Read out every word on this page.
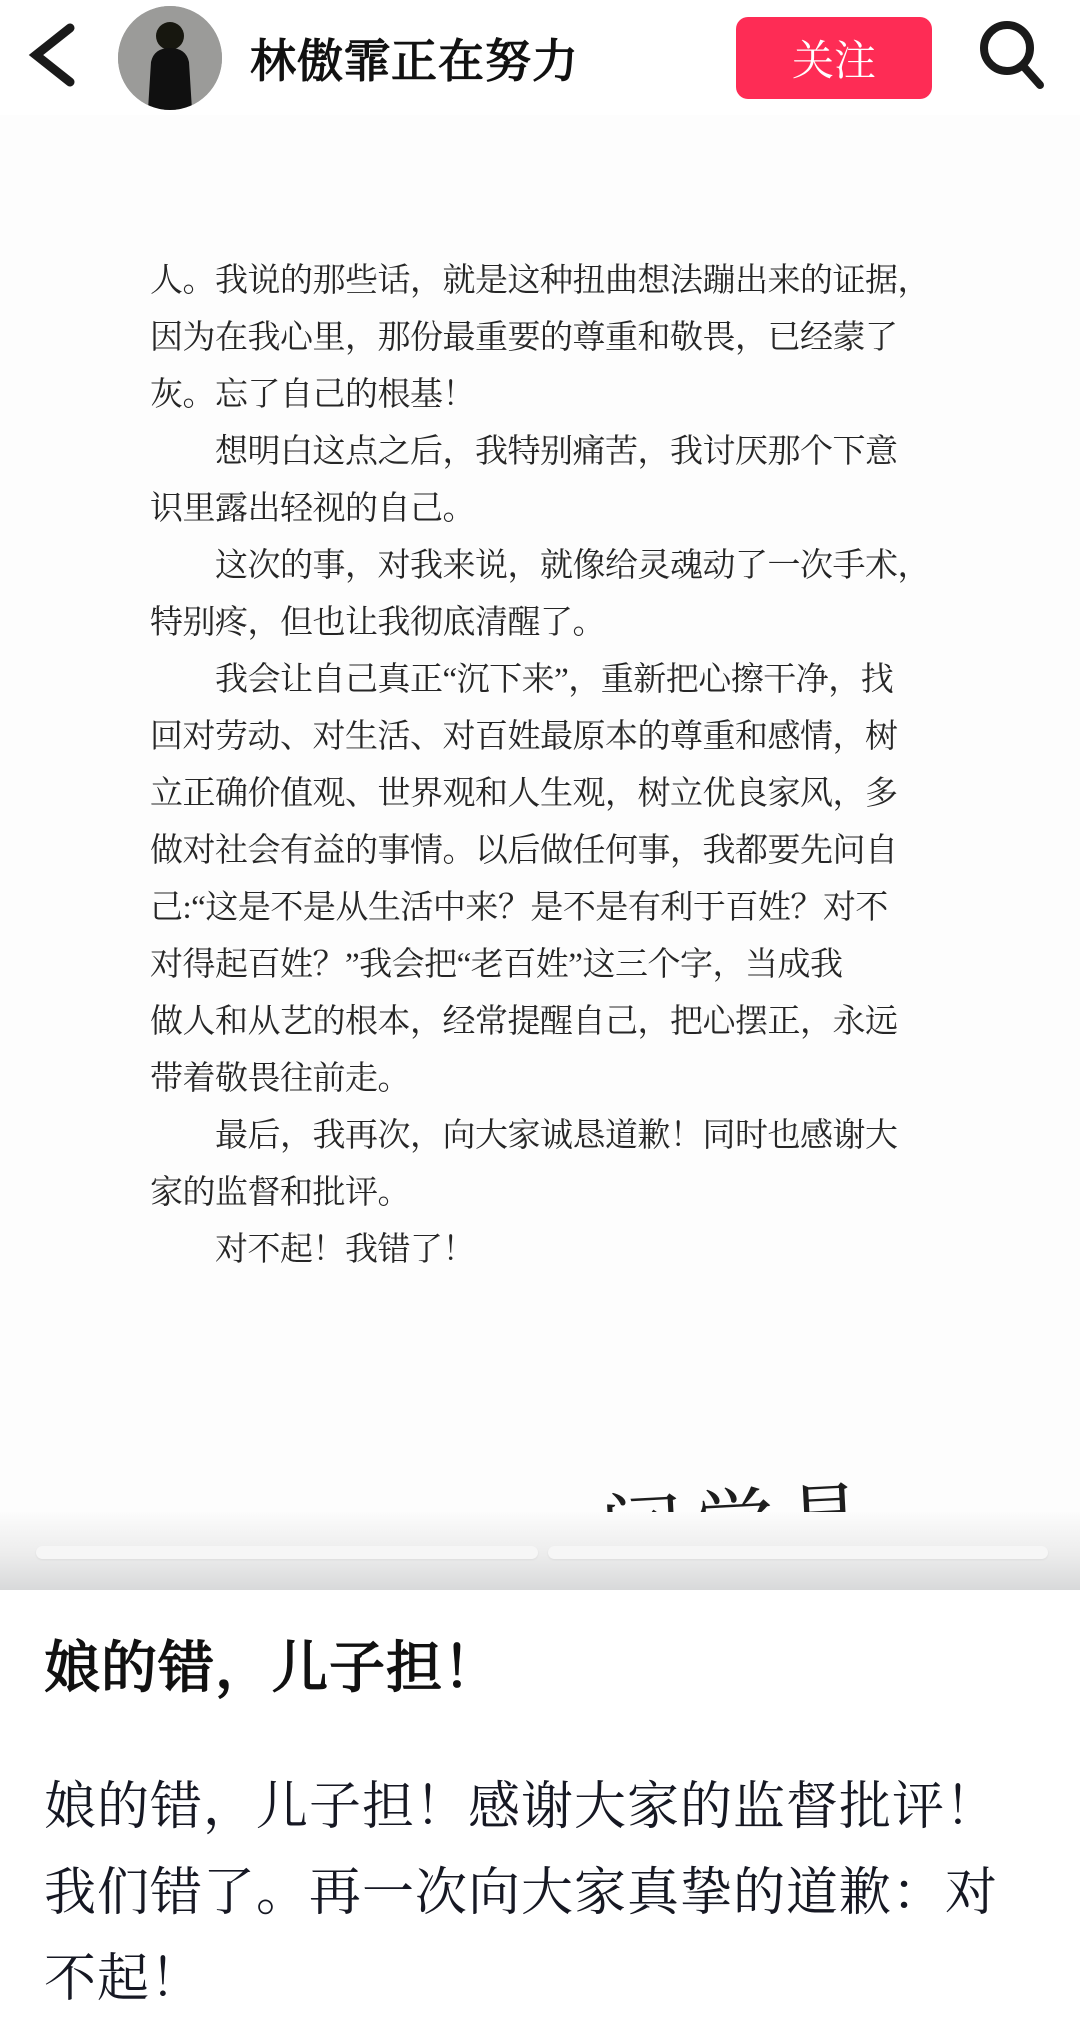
林傲霏正在努力	关注
人。我说的那些话，就是这种扭曲想法蹦出来的证据，
因为在我心里，那份最重要的尊重和敬畏，已经蒙了
灰。忘了自己的根基！
　　想明白这点之后，我特别痛苦，我讨厌那个下意
识里露出轻视的自己。
　　这次的事，对我来说，就像给灵魂动了一次手术，
特别疼，但也让我彻底清醒了。
　　我会让自己真正“沉下来”，重新把心擦干净，找
回对劳动、对生活、对百姓最原本的尊重和感情，树
立正确价值观、世界观和人生观，树立优良家风，多
做对社会有益的事情。以后做任何事，我都要先问自
己:“这是不是从生活中来？是不是有利于百姓？对不
对得起百姓？”我会把“老百姓”这三个字，当成我
做人和从艺的根本，经常提醒自己，把心摆正，永远
带着敬畏往前走。
　　最后，我再次，向大家诚恳道歉！同时也感谢大
家的监督和批评。
　　对不起！我错了！
娘的错，儿子担！
娘的错，儿子担！感谢大家的监督批评！
我们错了。再一次向大家真挚的道歉：对不起！
